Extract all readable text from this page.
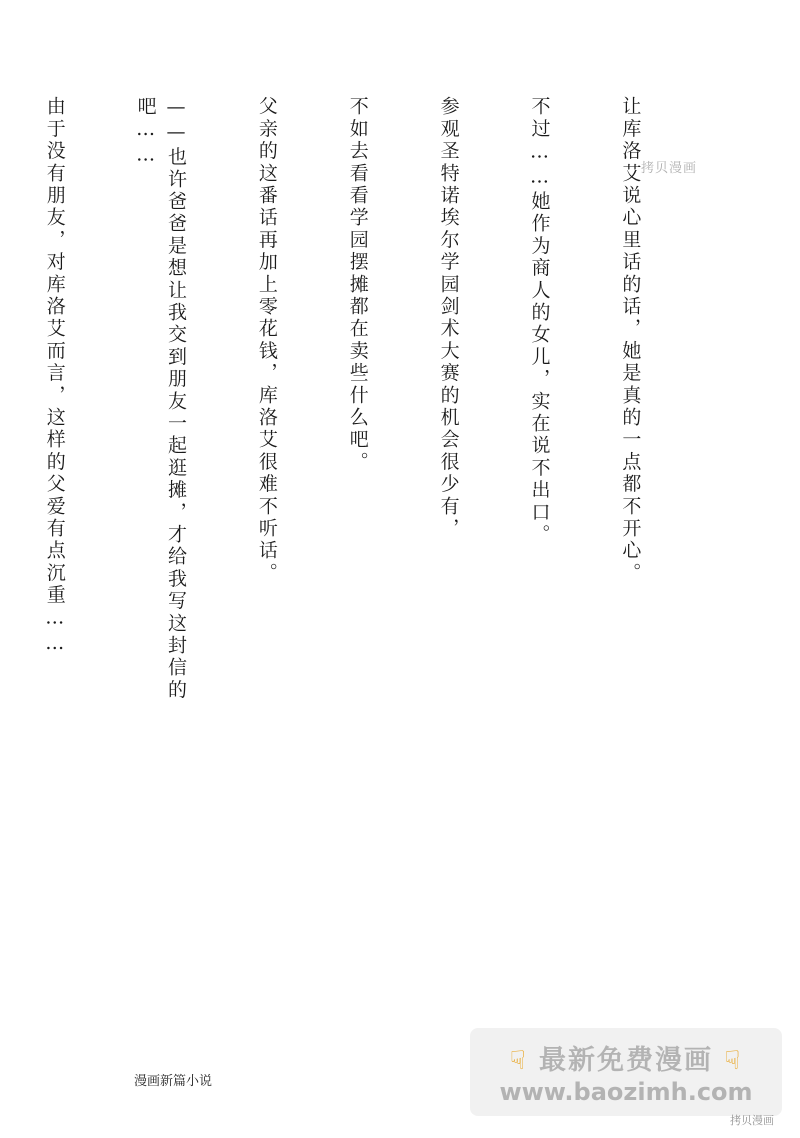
让库洛艾说心里话的话，她是真的一点都不开心。

不过……她作为商人的女儿，实在说不出口。

参观圣特诺埃尔学园剑术大赛的机会很少有，

不如去看看学园摆摊都在卖些什么吧。

父亲的这番话再加上零花钱，库洛艾很难不听话。

——也许爸爸是想让我交到朋友一起逛摊，才给我写这封信的吧……

由于没有朋友，对库洛艾而言，这样的父爱有点沉重……

	拷贝漫画
漫画新篇小说
☟ 最新免费漫画 ☟
www.baozimh.com
拷贝漫画
